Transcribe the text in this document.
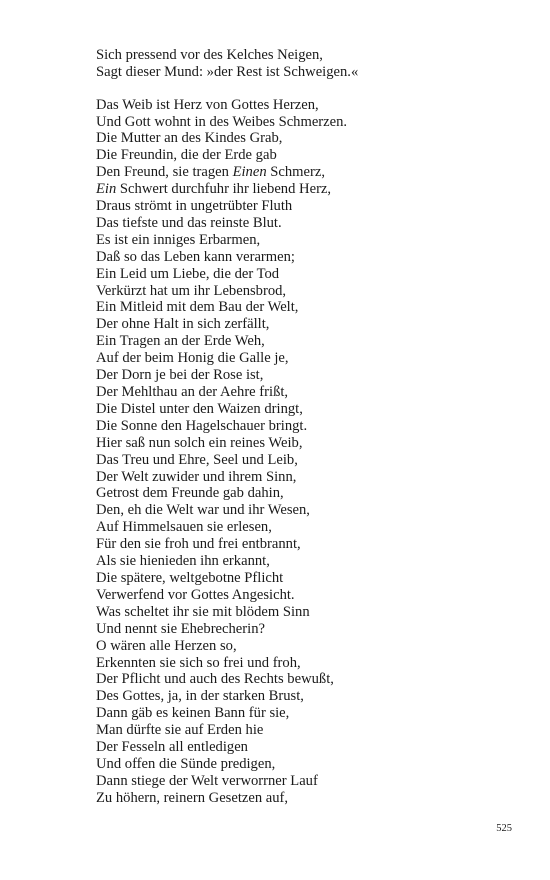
Sich pressend vor des Kelches Neigen,
Sagt dieser Mund: »der Rest ist Schweigen.«
Das Weib ist Herz von Gottes Herzen,
Und Gott wohnt in des Weibes Schmerzen.
Die Mutter an des Kindes Grab,
Die Freundin, die der Erde gab
Den Freund, sie tragen Einen Schmerz,
Ein Schwert durchfuhr ihr liebend Herz,
Draus strömt in ungetrübter Fluth
Das tiefste und das reinste Blut.
Es ist ein inniges Erbarmen,
Daß so das Leben kann verarmen;
Ein Leid um Liebe, die der Tod
Verkürzt hat um ihr Lebensbrod,
Ein Mitleid mit dem Bau der Welt,
Der ohne Halt in sich zerfällt,
Ein Tragen an der Erde Weh,
Auf der beim Honig die Galle je,
Der Dorn je bei der Rose ist,
Der Mehlthau an der Aehre frißt,
Die Distel unter den Waizen dringt,
Die Sonne den Hagelschauer bringt.
Hier saß nun solch ein reines Weib,
Das Treu und Ehre, Seel und Leib,
Der Welt zuwider und ihrem Sinn,
Getrost dem Freunde gab dahin,
Den, eh die Welt war und ihr Wesen,
Auf Himmelsauen sie erlesen,
Für den sie froh und frei entbrannt,
Als sie hienieden ihn erkannt,
Die spätere, weltgebotne Pflicht
Verwerfend vor Gottes Angesicht.
Was scheltet ihr sie mit blödem Sinn
Und nennt sie Ehebrecherin?
O wären alle Herzen so,
Erkennten sie sich so frei und froh,
Der Pflicht und auch des Rechts bewußt,
Des Gottes, ja, in der starken Brust,
Dann gäb es keinen Bann für sie,
Man dürfte sie auf Erden hie
Der Fesseln all entledigen
Und offen die Sünde predigen,
Dann stiege der Welt verworrner Lauf
Zu höhern, reinern Gesetzen auf,
525
